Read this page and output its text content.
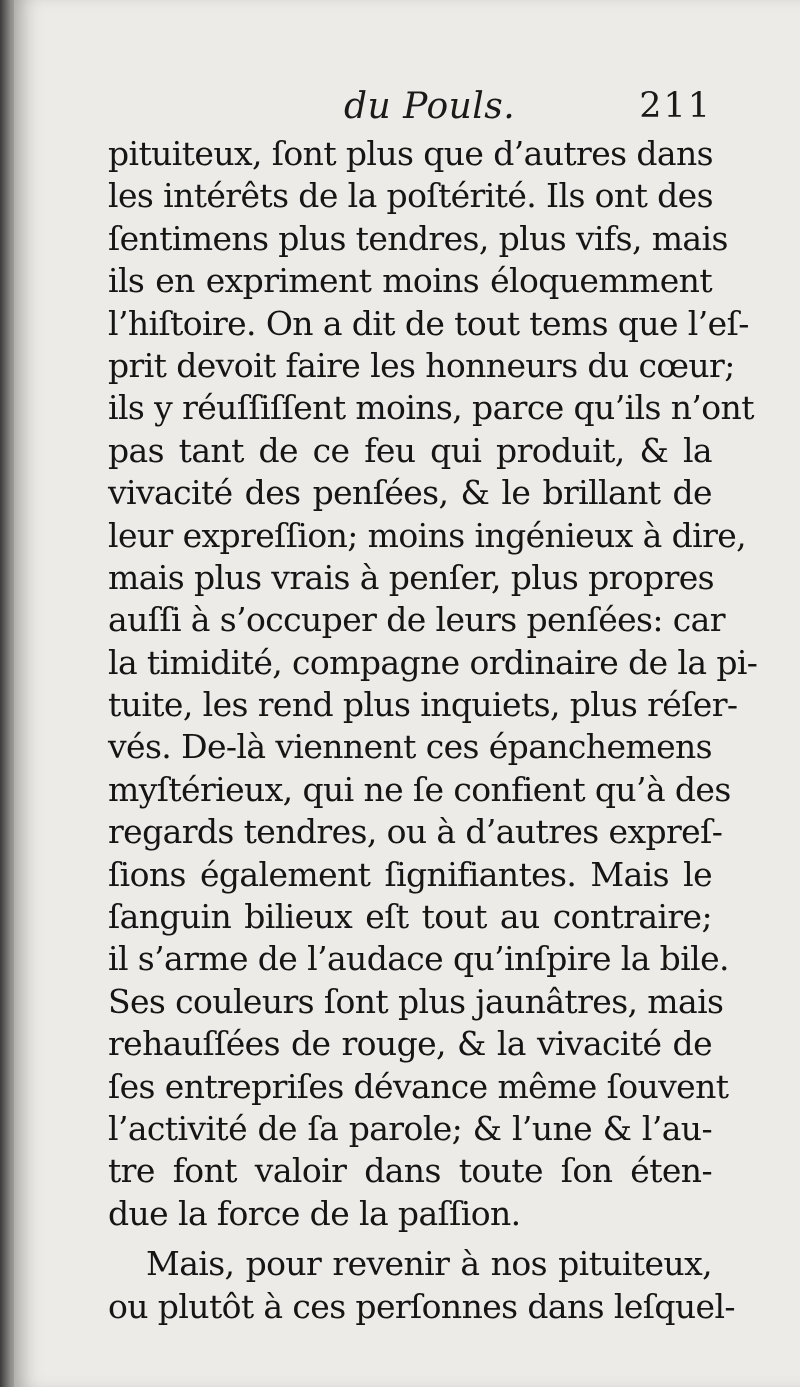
du Pouls.	211
pituiteux, ſont plus que d’autres dans
les intérêts de la poſtérité. Ils ont des
ſentimens plus tendres, plus vifs, mais
ils en expriment moins éloquemment
l’hiſtoire. On a dit de tout tems que l’eſ-
prit devoit faire les honneurs du cœur;
ils y réuſſiſſent moins, parce qu’ils n’ont
pas tant de ce feu qui produit, & la
vivacité des penſées, & le brillant de
leur expreſſion; moins ingénieux à dire,
mais plus vrais à penſer, plus propres
auſſi à s’occuper de leurs penſées: car
la timidité, compagne ordinaire de la pi-
tuite, les rend plus inquiets, plus réſer-
vés. De-là viennent ces épanchemens
myſtérieux, qui ne ſe confient qu’à des
regards tendres, ou à d’autres expreſ-
ſions également ſignifiantes. Mais le
ſanguin bilieux eſt tout au contraire;
il s’arme de l’audace qu’inſpire la bile.
Ses couleurs ſont plus jaunâtres, mais
rehauſſées de rouge, & la vivacité de
ſes entrepriſes dévance même ſouvent
l’activité de ſa parole; & l’une & l’au-
tre font valoir dans toute ſon éten-
due la force de la paſſion.
Mais, pour revenir à nos pituiteux,
ou plutôt à ces perſonnes dans leſquel-
